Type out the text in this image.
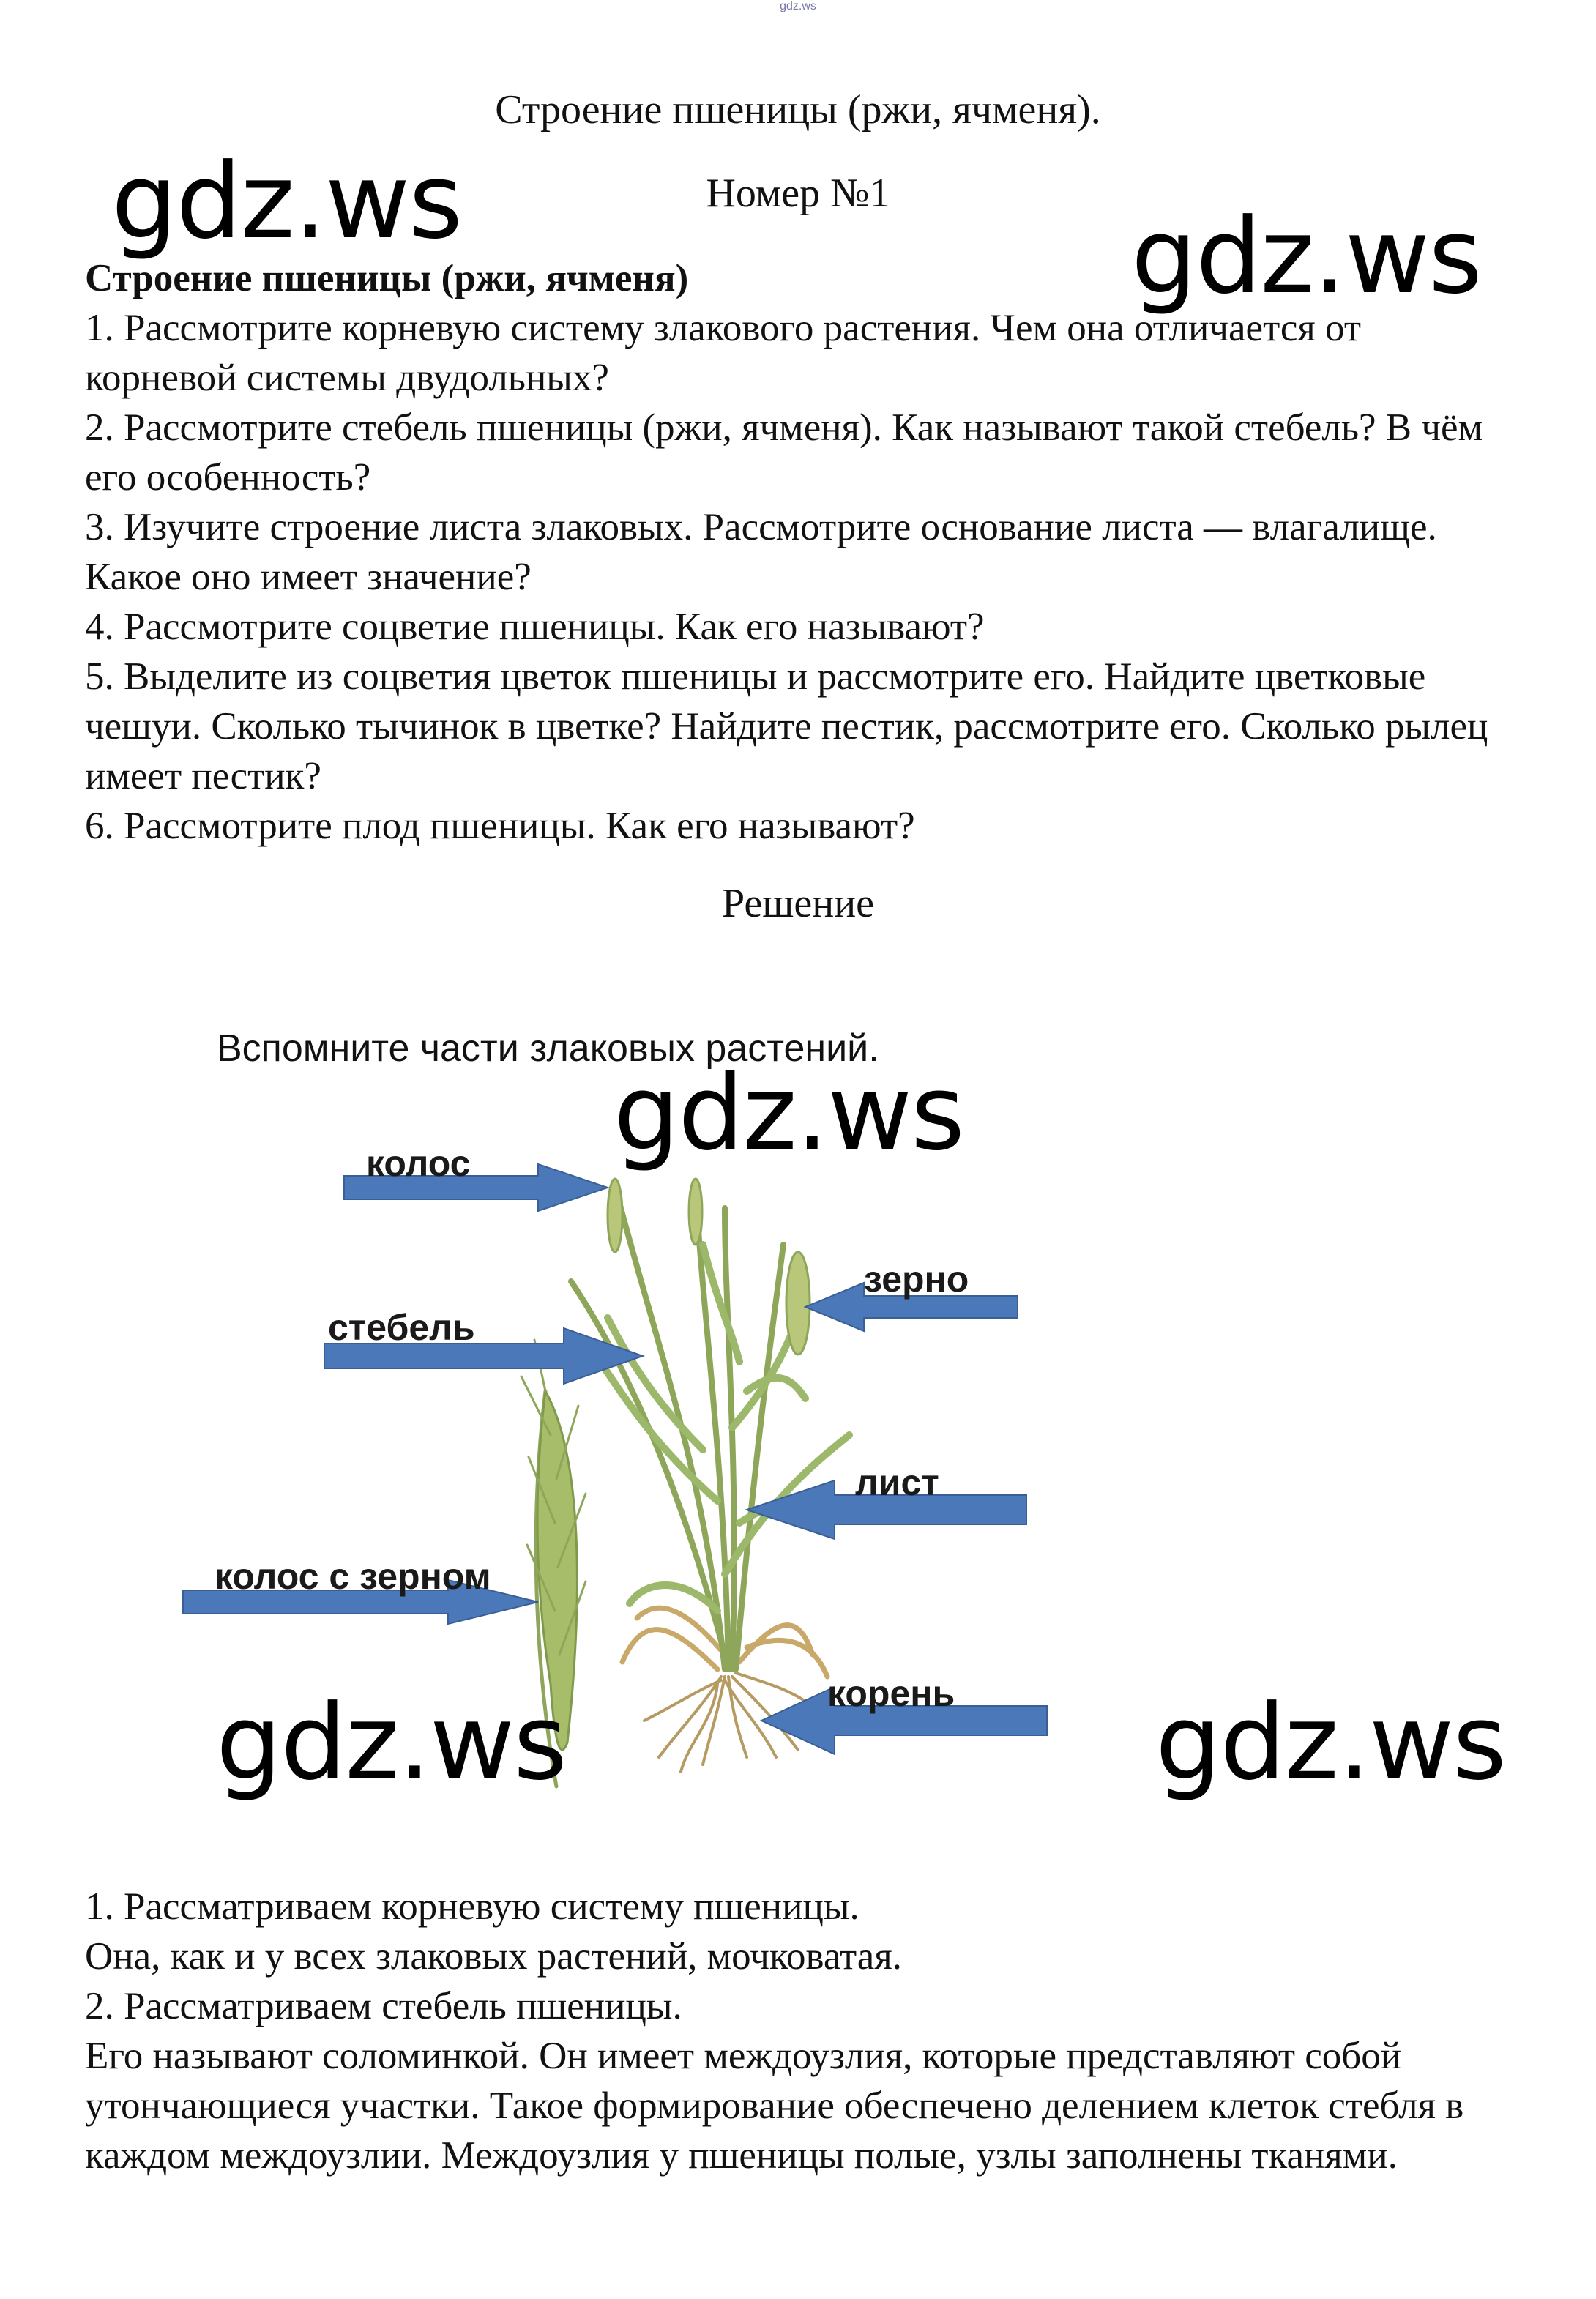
gdz.ws
Строение пшеницы (ржи, ячменя).
Номер №1

Строение пшеницы (ржи, ячменя)

1. Рассмотрите корневую систему злакового растения. Чем она отличается от корневой системы двудольных?

2. Рассмотрите стебель пшеницы (ржи, ячменя). Как называют такой стебель? В чём его особенность?

3. Изучите строение листа злаковых. Рассмотрите основание листа — влагалище. Какое оно имеет значение?

4. Рассмотрите соцветие пшеницы. Как его называют?

5. Выделите из соцветия цветок пшеницы и рассмотрите его. Найдите цветковые чешуи. Сколько тычинок в цветке? Найдите пестик, рассмотрите его. Сколько рылец имеет пестик?

6. Рассмотрите плод пшеницы. Как его называют?

Решение
Вспомните части злаковых растений.
колос
зерно
стебель
лист
колос с зерном
корень

1. Рассматриваем корневую систему пшеницы.

Она, как и у всех злаковых растений, мочковатая.

2. Рассматриваем стебель пшеницы.

Его называют соломинкой. Он имеет междоузлия, которые представляют собой утончающиеся участки. Такое формирование обеспечено делением клеток стебля в каждом междоузлии. Междоузлия у пшеницы полые, узлы заполнены тканями.

gdz.ws	gdz.ws
gdz.ws
gdz.ws	gdz.ws
